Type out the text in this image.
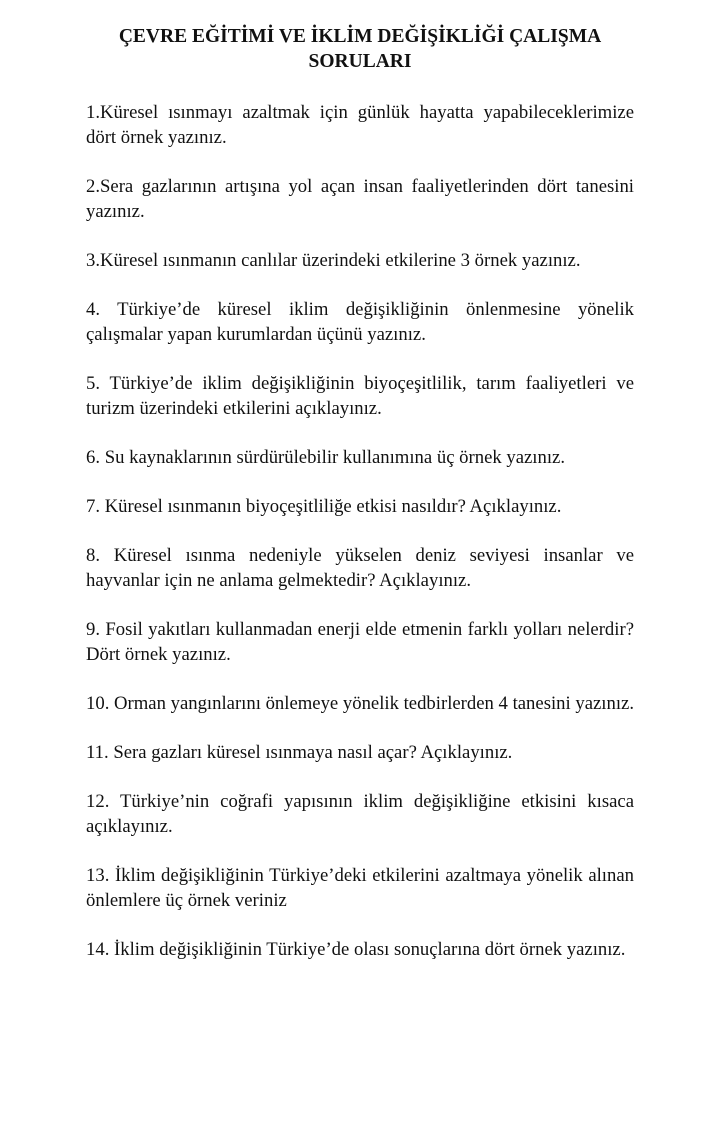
ÇEVRE EĞİTİMİ VE İKLİM DEĞİŞİKLİĞİ ÇALIŞMA
SORULARI
1.Küresel ısınmayı azaltmak için günlük hayatta yapabileceklerimize dört örnek yazınız.
2.Sera gazlarının artışına yol açan insan faaliyetlerinden dört tanesini yazınız.
3.Küresel ısınmanın canlılar üzerindeki etkilerine 3 örnek yazınız.
4. Türkiye’de küresel iklim değişikliğinin önlenmesine yönelik çalışmalar yapan kurumlardan üçünü yazınız.
5. Türkiye’de iklim değişikliğinin biyoçeşitlilik, tarım faaliyetleri ve turizm üzerindeki etkilerini açıklayınız.
6. Su kaynaklarının sürdürülebilir kullanımına üç örnek yazınız.
7. Küresel ısınmanın biyoçeşitliliğe etkisi nasıldır? Açıklayınız.
8. Küresel ısınma nedeniyle yükselen deniz seviyesi insanlar ve hayvanlar için ne anlama gelmektedir? Açıklayınız.
9. Fosil yakıtları kullanmadan enerji elde etmenin farklı yolları nelerdir? Dört örnek yazınız.
10. Orman yangınlarını önlemeye yönelik tedbirlerden 4 tanesini yazınız.
11. Sera gazları küresel ısınmaya nasıl açar? Açıklayınız.
12. Türkiye’nin coğrafi yapısının iklim değişikliğine etkisini kısaca açıklayınız.
13. İklim değişikliğinin Türkiye’deki etkilerini azaltmaya yönelik alınan önlemlere üç örnek veriniz
14. İklim değişikliğinin Türkiye’de olası sonuçlarına dört örnek yazınız.
